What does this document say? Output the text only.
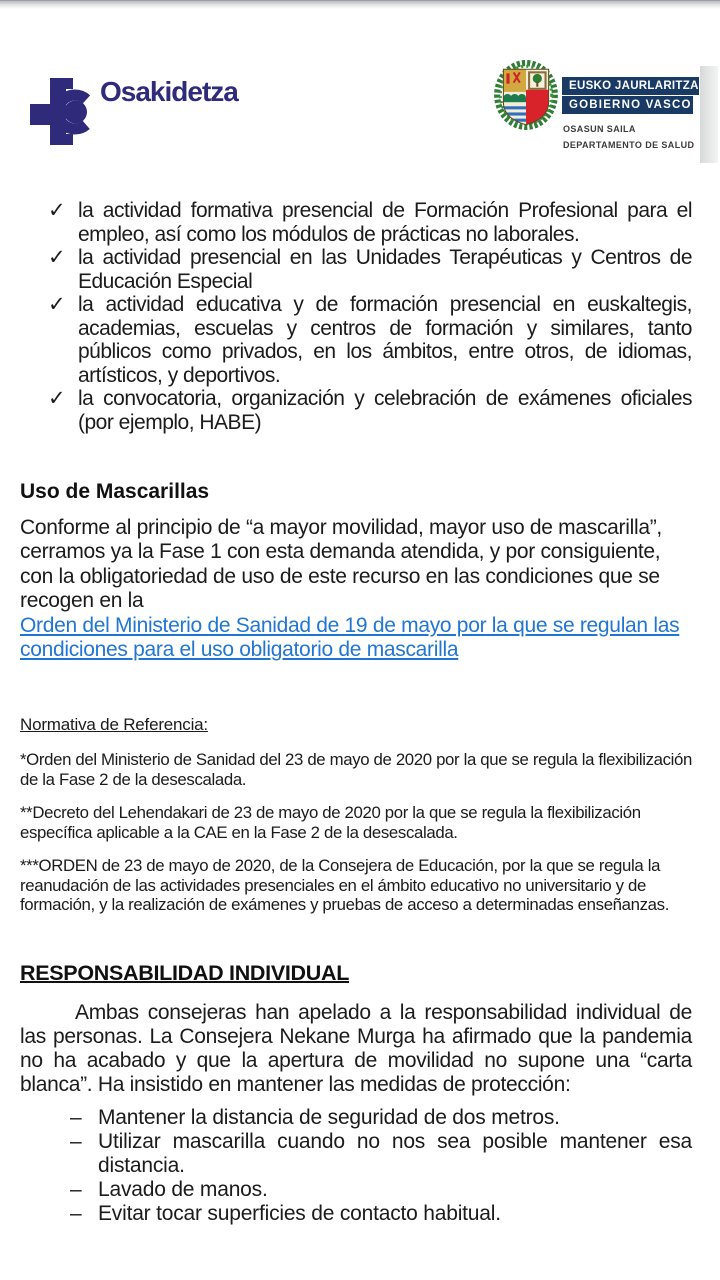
Osakidetza	EUSKO JAURLARITZA
GOBIERNO VASCO
OSASUN SAILA
DEPARTAMENTO DE SALUD
✓ la actividad formativa presencial de Formación Profesional para el empleo, así como los módulos de prácticas no laborales.
✓ la actividad presencial en las Unidades Terapéuticas y Centros de Educación Especial
✓ la actividad educativa y de formación presencial en euskaltegis, academias, escuelas y centros de formación y similares, tanto públicos como privados, en los ámbitos, entre otros, de idiomas, artísticos, y deportivos.
✓ la convocatoria, organización y celebración de exámenes oficiales (por ejemplo, HABE)
Uso de Mascarillas
Conforme al principio de “a mayor movilidad, mayor uso de mascarilla”, cerramos ya la Fase 1 con esta demanda atendida, y por consiguiente, con la obligatoriedad de uso de este recurso en las condiciones que se recogen en la
Orden del Ministerio de Sanidad de 19 de mayo por la que se regulan las condiciones para el uso obligatorio de mascarilla
Normativa de Referencia:
*Orden del Ministerio de Sanidad del 23 de mayo de 2020 por la que se regula la flexibilización de la Fase 2 de la desescalada.
**Decreto del Lehendakari de 23 de mayo de 2020 por la que se regula la flexibilización específica aplicable a la CAE en la Fase 2 de la desescalada.
***ORDEN de 23 de mayo de 2020, de la Consejera de Educación, por la que se regula la reanudación de las actividades presenciales en el ámbito educativo no universitario y de formación, y la realización de exámenes y pruebas de acceso a determinadas enseñanzas.
RESPONSABILIDAD INDIVIDUAL
Ambas consejeras han apelado a la responsabilidad individual de las personas. La Consejera Nekane Murga ha afirmado que la pandemia no ha acabado y que la apertura de movilidad no supone una “carta blanca”. Ha insistido en mantener las medidas de protección:
– Mantener la distancia de seguridad de dos metros.
– Utilizar mascarilla cuando no nos sea posible mantener esa distancia.
– Lavado de manos.
– Evitar tocar superficies de contacto habitual.
